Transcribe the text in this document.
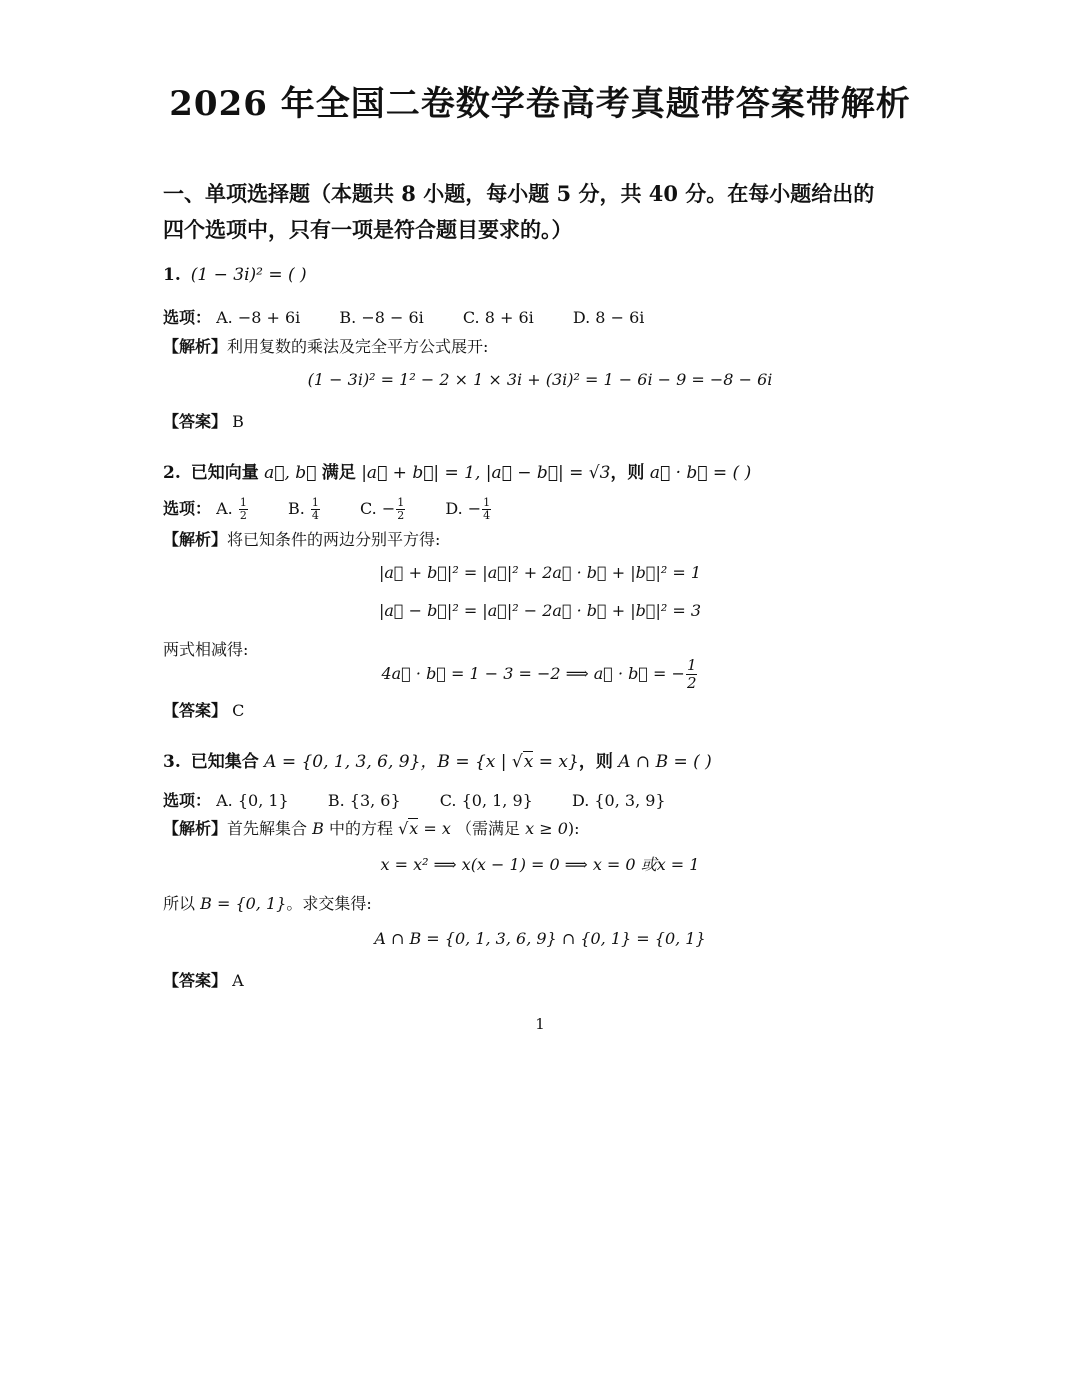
2026 年全国二卷数学卷高考真题带答案带解析
一、单项选择题（本题共 8 小题，每小题 5 分，共 40 分。在每小题给出的
四个选项中，只有一项是符合题目要求的。）
1. (1 − 3i)² = ( )
选项： A. −8 + 6i B. −8 − 6i C. 8 + 6i D. 8 − 6i
【解析】利用复数的乘法及完全平方公式展开:
(1 − 3i)² = 1² − 2 × 1 × 3i + (3i)² = 1 − 6i − 9 = −8 − 6i
【答案】 B
2. 已知向量 a⃗, b⃗ 满足 |a⃗ + b⃗| = 1, |a⃗ − b⃗| = √3，则 a⃗ · b⃗ = ( )
选项： A. $\frac{1}{2}$	B. $\frac{1}{4}$	C. − $\frac{1}{2}$	D. − $\frac{1}{4}$
【解析】将已知条件的两边分别平方得:
|a⃗ + b⃗|² = |a⃗|² + 2a⃗ · b⃗ + |b⃗|² = 1
|a⃗ − b⃗|² = |a⃗|² − 2a⃗ · b⃗ + |b⃗|² = 3
两式相减得:
4a⃗ · b⃗ = 1 − 3 = −2 ⟹ a⃗ · b⃗ = − $\frac{1}{2}$
【答案】 C
3. 已知集合 A = {0, 1, 3, 6, 9}，B = {x | √x = x}，则 A ∩ B = ( )
选项： A. {0, 1} B. {3, 6} C. {0, 1, 9} D. {0, 3, 9}
【解析】首先解集合 B 中的方程 √x = x （需满足 x ≥ 0):
x = x² ⟹ x(x − 1) = 0 ⟹ x = 0 或x = 1
所以 B = {0, 1}。求交集得:
A ∩ B = {0, 1, 3, 6, 9} ∩ {0, 1} = {0, 1}
【答案】 A
1
